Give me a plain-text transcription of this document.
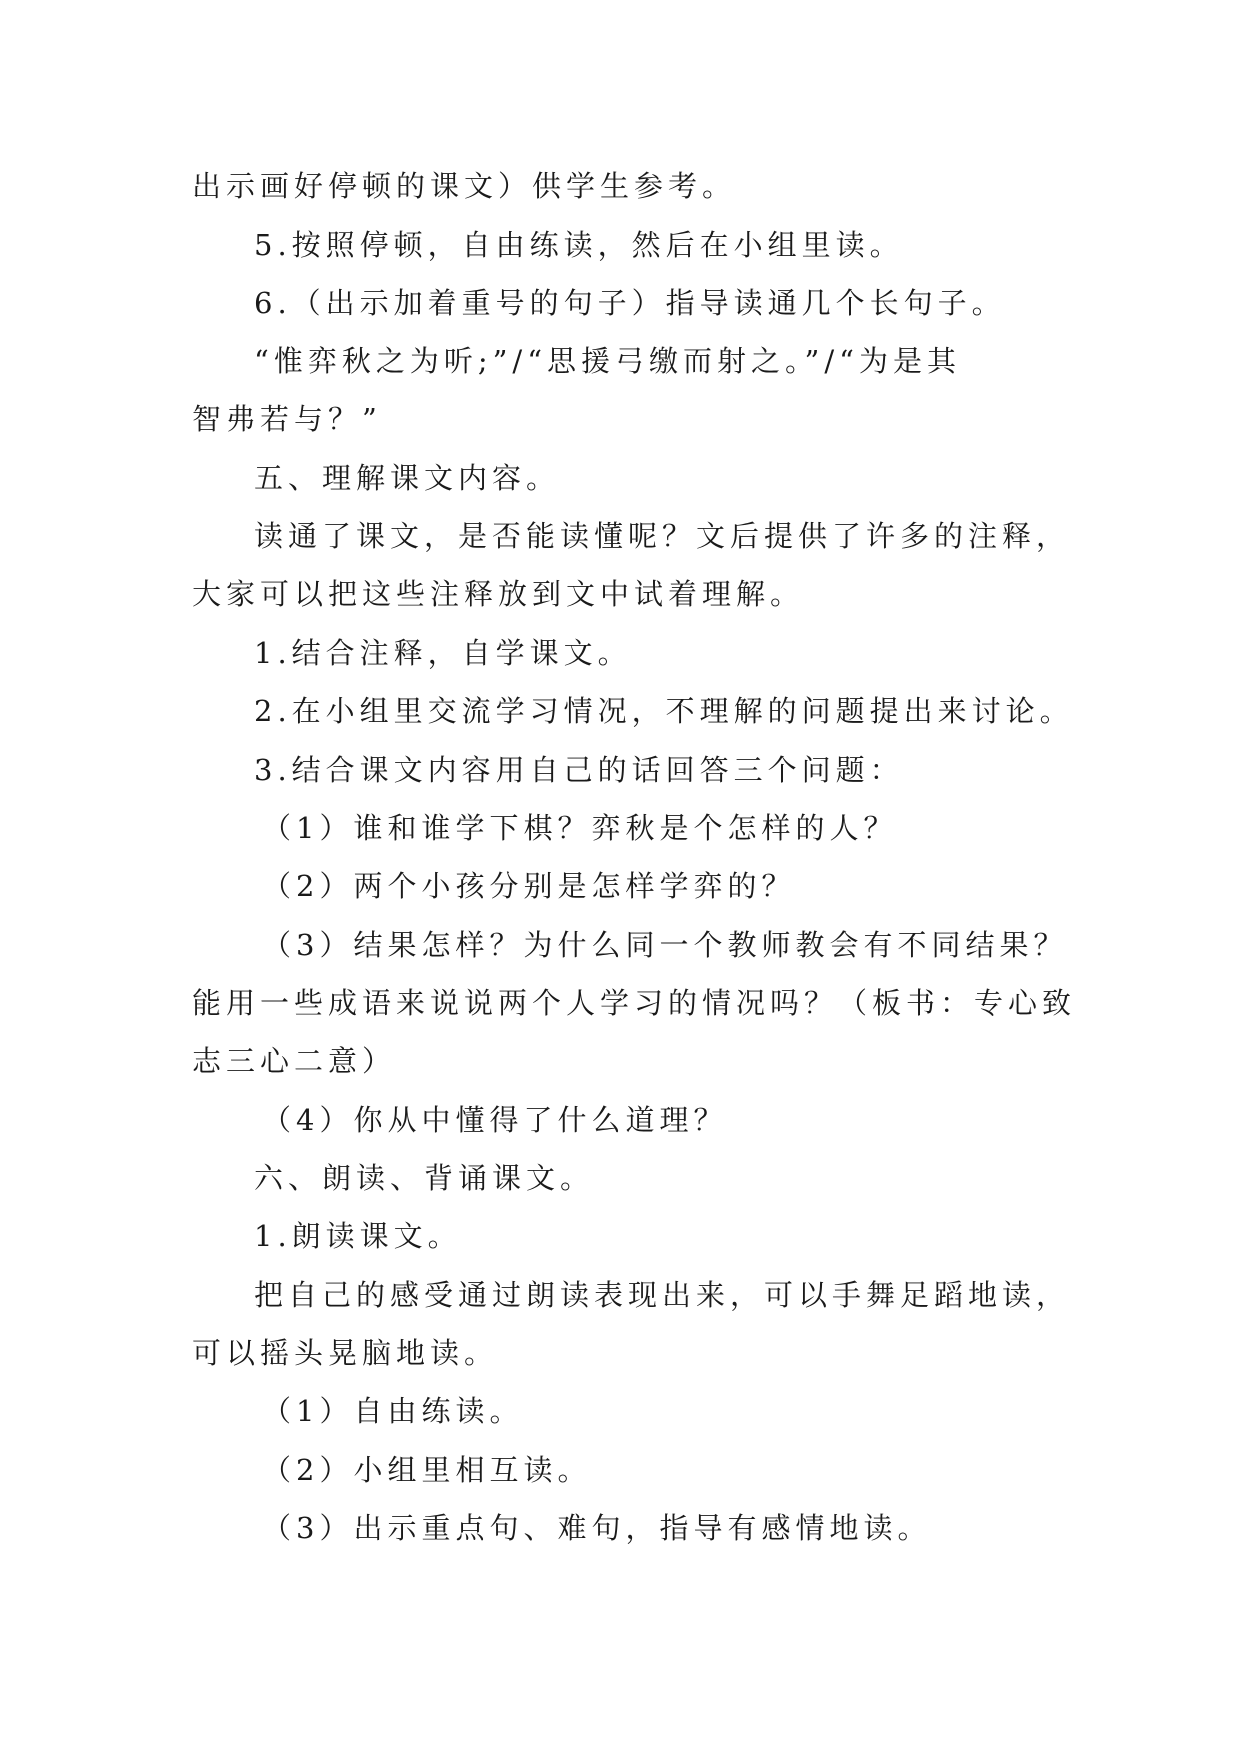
出示画好停顿的课文）供学生参考。
5.按照停顿，自由练读，然后在小组里读。
6.（出示加着重号的句子）指导读通几个长句子。
“惟弈秋之为听;”/“思援弓缴而射之。”/“为是其
智弗若与？”
五、理解课文内容。
读通了课文，是否能读懂呢？文后提供了许多的注释，
大家可以把这些注释放到文中试着理解。
1.结合注释，自学课文。
2.在小组里交流学习情况，不理解的问题提出来讨论。
3.结合课文内容用自己的话回答三个问题：
（1）谁和谁学下棋？弈秋是个怎样的人？
（2）两个小孩分别是怎样学弈的？
（3）结果怎样？为什么同一个教师教会有不同结果？
能用一些成语来说说两个人学习的情况吗？（板书：专心致
志三心二意）
（4）你从中懂得了什么道理？
六、朗读、背诵课文。
1.朗读课文。
把自己的感受通过朗读表现出来，可以手舞足蹈地读，
可以摇头晃脑地读。
（1）自由练读。
（2）小组里相互读。
（3）出示重点句、难句，指导有感情地读。
